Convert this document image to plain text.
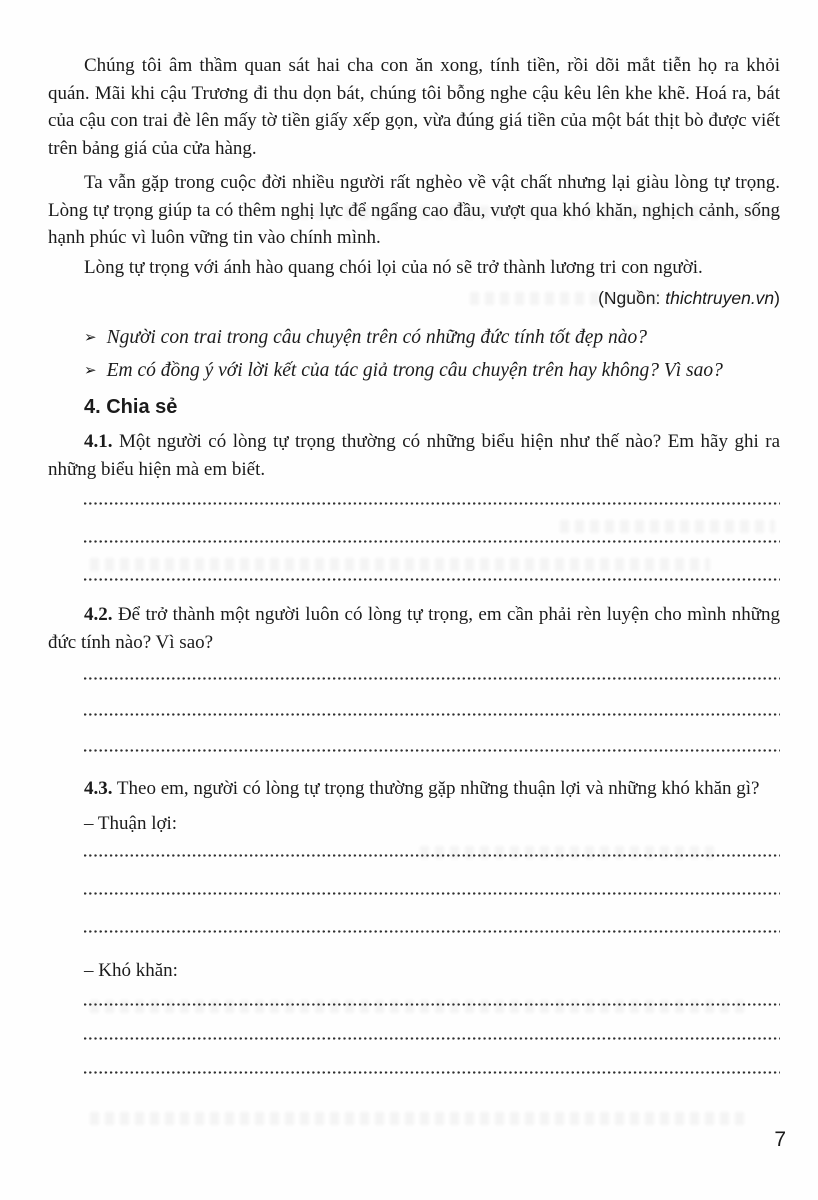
Chúng tôi âm thầm quan sát hai cha con ăn xong, tính tiền, rồi dõi mắt tiễn họ ra khỏi quán. Mãi khi cậu Trương đi thu dọn bát, chúng tôi bỗng nghe cậu kêu lên khe khẽ. Hoá ra, bát của cậu con trai đè lên mấy tờ tiền giấy xếp gọn, vừa đúng giá tiền của một bát thịt bò được viết trên bảng giá của cửa hàng.

Ta vẫn gặp trong cuộc đời nhiều người rất nghèo về vật chất nhưng lại giàu lòng tự trọng. Lòng tự trọng giúp ta có thêm nghị lực để ngẩng cao đầu, vượt qua khó khăn, nghịch cảnh, sống hạnh phúc vì luôn vững tin vào chính mình.

Lòng tự trọng với ánh hào quang chói lọi của nó sẽ trở thành lương tri con người.

(Nguồn: thichtruyen.vn)
➢ Người con trai trong câu chuyện trên có những đức tính tốt đẹp nào?
➢ Em có đồng ý với lời kết của tác giả trong câu chuyện trên hay không? Vì sao?
4. Chia sẻ

4.1. Một người có lòng tự trọng thường có những biểu hiện như thế nào? Em hãy ghi ra những biểu hiện mà em biết.

4.2. Để trở thành một người luôn có lòng tự trọng, em cần phải rèn luyện cho mình những đức tính nào? Vì sao?

4.3. Theo em, người có lòng tự trọng thường gặp những thuận lợi và những khó khăn gì?

– Thuận lợi:
– Khó khăn:
7
